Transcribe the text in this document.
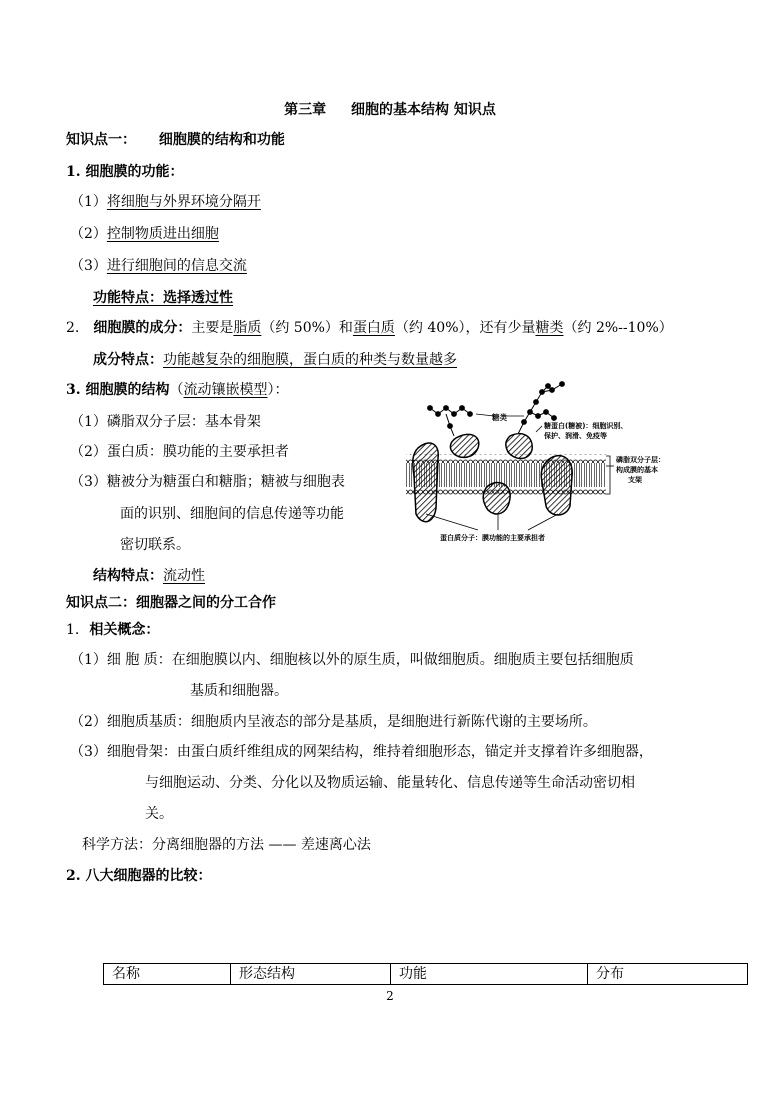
第三章 细胞的基本结构 知识点
知识点一： 细胞膜的结构和功能
1. 细胞膜的功能：
（1）将细胞与外界环境分隔开
（2）控制物质进出细胞
（3）进行细胞间的信息交流
功能特点：选择透过性
2. 细胞膜的成分：主要是脂质（约 50%）和蛋白质（约 40%），还有少量糖类（约 2%--10%）
成分特点：功能越复杂的细胞膜，蛋白质的种类与数量越多
3. 细胞膜的结构（流动镶嵌模型）：
（1）磷脂双分子层：基本骨架
（2）蛋白质：膜功能的主要承担者
（3）糖被分为糖蛋白和糖脂；糖被与细胞表
面的识别、细胞间的信息传递等功能
密切联系。
结构特点：流动性
糖类
糖蛋白(糖被)：细胞识别、
保护、润滑、免疫等
磷脂双分子层：
构成膜的基本
支架
蛋白质分子：膜功能的主要承担者
知识点二：细胞器之间的分工合作
1. 相关概念：
（1）细 胞 质：在细胞膜以内、细胞核以外的原生质，叫做细胞质。细胞质主要包括细胞质
基质和细胞器。
（2）细胞质基质：细胞质内呈液态的部分是基质，是细胞进行新陈代谢的主要场所。
（3）细胞骨架：由蛋白质纤维组成的网架结构，维持着细胞形态，锚定并支撑着许多细胞器，
与细胞运动、分类、分化以及物质运输、能量转化、信息传递等生命活动密切相
关。
科学方法：分离细胞器的方法 —— 差速离心法
2. 八大细胞器的比较：
名称	形态结构	功能	分布
2
